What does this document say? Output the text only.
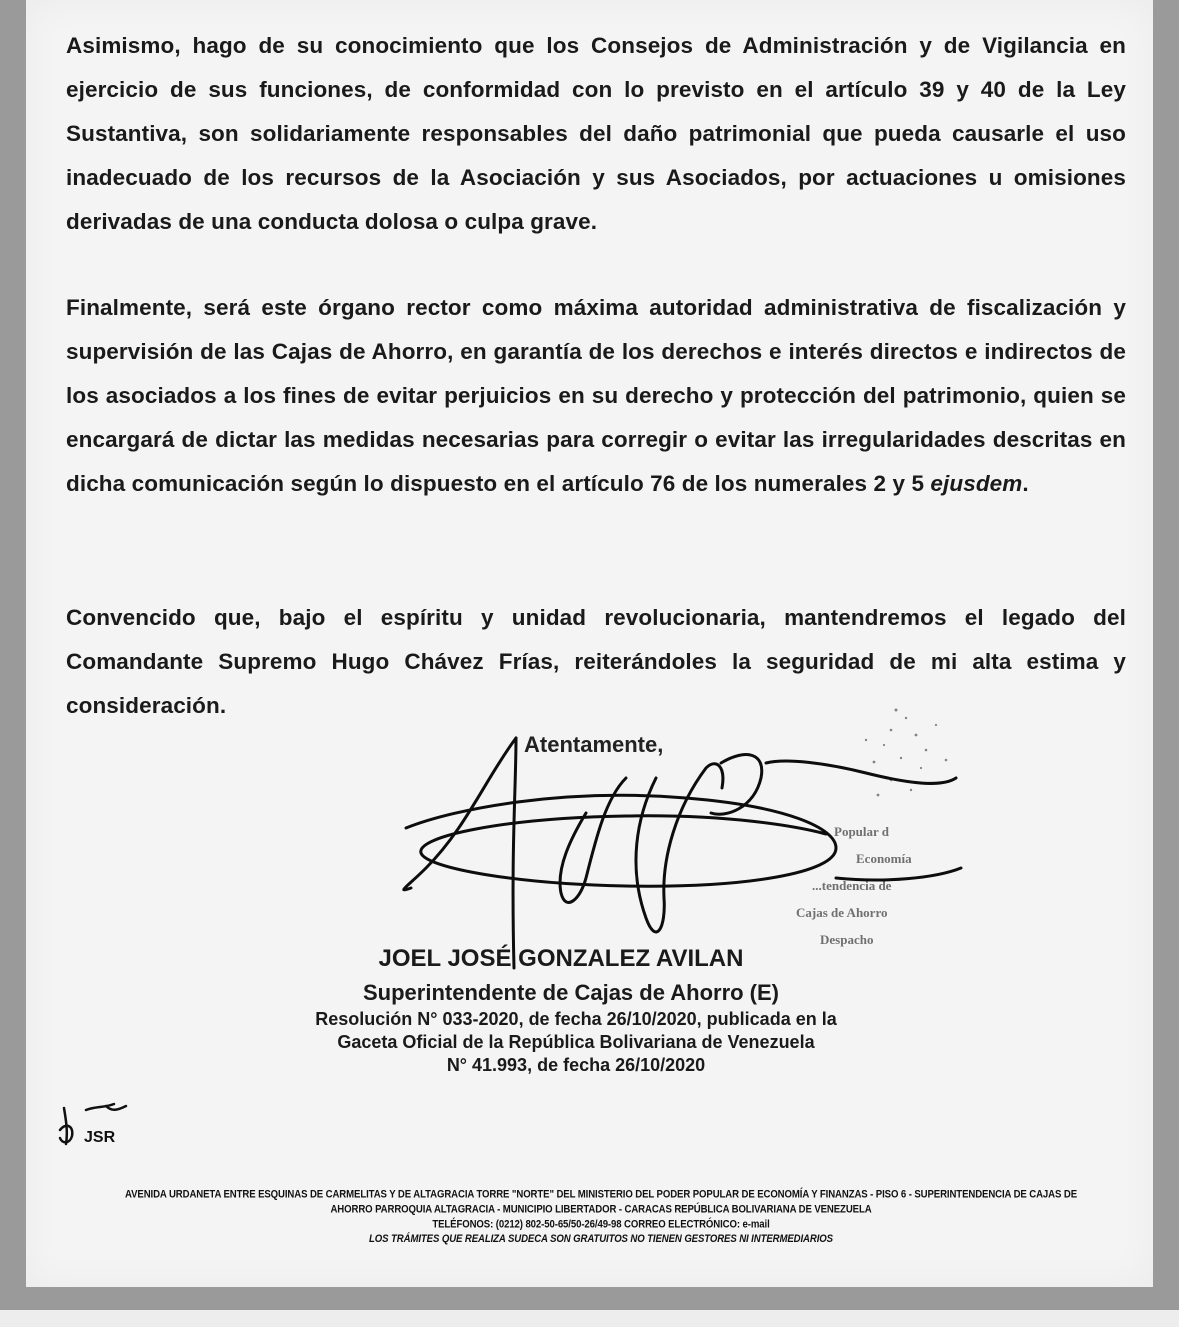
Asimismo, hago de su conocimiento que los Consejos de Administración y de Vigilancia en ejercicio de sus funciones, de conformidad con lo previsto en el artículo 39 y 40 de la Ley Sustantiva, son solidariamente responsables del daño patrimonial que pueda causarle el uso inadecuado de los recursos de la Asociación y sus Asociados, por actuaciones u omisiones derivadas de una conducta dolosa o culpa grave.
Finalmente, será este órgano rector como máxima autoridad administrativa de fiscalización y supervisión de las Cajas de Ahorro, en garantía de los derechos e interés directos e indirectos de los asociados a los fines de evitar perjuicios en su derecho y protección del patrimonio, quien se encargará de dictar las medidas necesarias para corregir o evitar las irregularidades descritas en dicha comunicación según lo dispuesto en el artículo 76 de los numerales 2 y 5 ejusdem.
Convencido que, bajo el espíritu y unidad revolucionaria, mantendremos el legado del Comandante Supremo Hugo Chávez Frías, reiterándoles la seguridad de mi alta estima y consideración.
Popular d
Economía
...tendencia de
Cajas de Ahorro
Despacho
Atentamente,
JOEL JOSÉ GONZALEZ AVILAN
Superintendente de Cajas de Ahorro (E)
Resolución N° 033-2020, de fecha 26/10/2020, publicada en la
Gaceta Oficial de la República Bolivariana de Venezuela
N° 41.993, de fecha 26/10/2020
JSR
AVENIDA URDANETA ENTRE ESQUINAS DE CARMELITAS Y DE ALTAGRACIA TORRE "NORTE" DEL MINISTERIO DEL PODER POPULAR DE ECONOMÍA Y FINANZAS - PISO 6 - SUPERINTENDENCIA DE CAJAS DE
AHORRO PARROQUIA ALTAGRACIA - MUNICIPIO LIBERTADOR - CARACAS REPÚBLICA BOLIVARIANA DE VENEZUELA
TELÉFONOS: (0212) 802-50-65/50-26/49-98 CORREO ELECTRÓNICO: e-mail
LOS TRÁMITES QUE REALIZA SUDECA SON GRATUITOS NO TIENEN GESTORES NI INTERMEDIARIOS
